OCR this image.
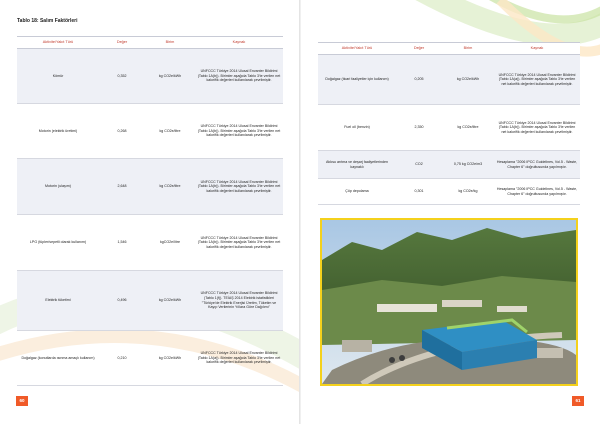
Tablo 18: Salım Faktörleri
Aktivite/Yakıt Türü	Değer	Birim	Kaynak
Kömür	0,352	kg CO2e/kWh	UNFCCC Türkiye 2014 Ulusal Envanter Bildirimi (Tablo 1A(b)). Birimler aşağıda Tablo 3'te verilen net kalorifik değerleri kullanılarak çevrilmiştir.
Motorin (elektrik üretimi)	0,268	kg CO2e/litre	UNFCCC Türkiye 2014 Ulusal Envanter Bildirimi (Tablo 1A(b)). Birimler aşağıda Tablo 3'te verilen net kalorifik değerleri kullanılarak çevrilmiştir.
Motorin (ulaşım)	2,648	kg CO2e/litre	UNFCCC Türkiye 2014 Ulusal Envanter Bildirimi (Tablo 1A(b)). Birimler aşağıda Tablo 3'te verilen net kalorifik değerleri kullanılarak çevrilmiştir.
LPG (tüpler/sepetli olarak kullanım)	1,546	kgCO2e/litre	UNFCCC Türkiye 2014 Ulusal Envanter Bildirimi (Tablo 1A(b)). Birimler aşağıda Tablo 3'te verilen net kalorifik değerleri kullanılarak çevrilmiştir.
Elektrik tüketimi	0,496	kg CO2e/kWh	UNFCCC Türkiye 2014 Ulusal Envanter Bildirimi (Tablo 1(f)). TEİAŞ 2014 Elektrik istatistikleri "Türkiye'de Elektrik Enerjisi Üretim, Tüketim ve Kayıp Verilerinin Yıllara Göre Dağılımı"
Doğalgaz (konutlarda ısınma amaçlı kullanım)	0,210	kg CO2e/kWh	UNFCCC Türkiye 2014 Ulusal Envanter Bildirimi (Tablo 1A(a)). Birimler aşağıda Tablo 3'te verilen net kalorifik değerleri kullanılarak çevrilmiştir.
60
Aktivite/Yakıt Türü	Değer	Birim	Kaynak
Doğalgaz (ticari faaliyetler için kullanım)	0,205	kg CO2e/kWh	UNFCCC Türkiye 2014 Ulusal Envanter Bildirimi (Tablo 1A(a)). Birimler aşağıda Tablo 3'te verilen net kalorifik değerleri kullanılarak çevrilmiştir.
Fuel oil (benzin)	2,350	kg CO2e/litre	UNFCCC Türkiye 2014 Ulusal Envanter Bildirimi (Tablo 1A(b)). Birimler aşağıda Tablo 3'te verilen net kalorifik değerleri kullanılarak çevrilmiştir.
Atıksu arıtma ve deşarj faaliyetlerinden kaynaklı	CO2	0,75 kg CO2e/m3	Hesaplama "2006 IPCC Guidelines, Vol.5 - Waste, Chapter 6" doğrultusunda yapılmıştır.
Çöp depolama	0,301	kg CO2e/kg	Hesaplama "2006 IPCC Guidelines, Vol.5 - Waste, Chapter 6" doğrultusunda yapılmıştır.
61
